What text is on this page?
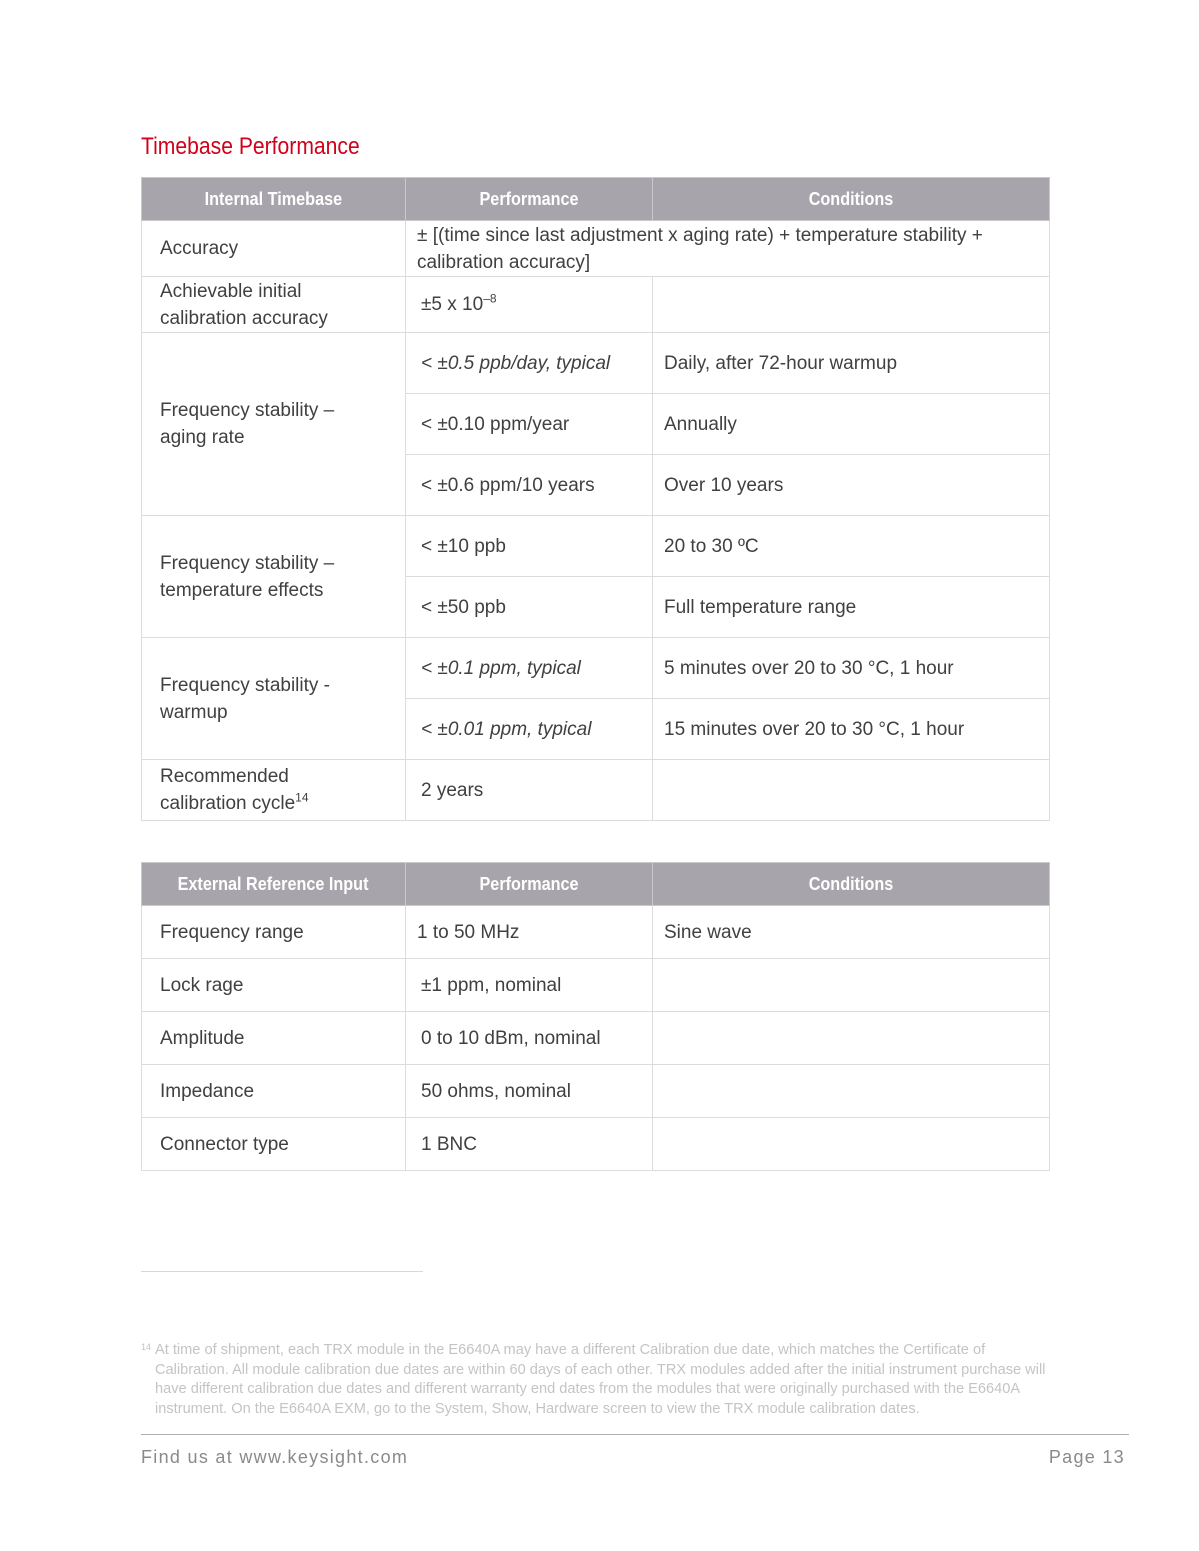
Timebase Performance
Internal Timebase	Performance	Conditions
Accuracy	± [(time since last adjustment x aging rate) + temperature stability + calibration accuracy]	
Achievable initial
calibration accuracy	±5 x $10^{-8}$	
Frequency stability –
aging rate	< ±0.5 ppb/day, typical	Daily, after 72-hour warmup
	< ±0.10 ppm/year	Annually
	< ±0.6 ppm/10 years	Over 10 years
Frequency stability –
temperature effects	< ±10 ppb	20 to 30 ºC
	< ±50 ppb	Full temperature range
Frequency stability -
warmup	< ±0.1 ppm, typical	5 minutes over 20 to 30 °C, 1 hour
	< ±0.01 ppm, typical	15 minutes over 20 to 30 °C, 1 hour
Recommended
calibration cycle$^{14}$	2 years	
External Reference Input	Performance	Conditions
Frequency range	1 to 50 MHz	Sine wave
Lock rage	±1 ppm, nominal	
Amplitude	0 to 10 dBm, nominal	
Impedance	50 ohms, nominal	
Connector type	1 BNC	
14 At time of shipment, each TRX module in the E6640A may have a different Calibration due date, which matches the Certificate of Calibration. All module calibration due dates are within 60 days of each other. TRX modules added after the initial instrument purchase will have different calibration due dates and different warranty end dates from the modules that were originally purchased with the E6640A instrument. On the E6640A EXM, go to the System, Show, Hardware screen to view the TRX module calibration dates.
Find us at www.keysight.com	Page 13
